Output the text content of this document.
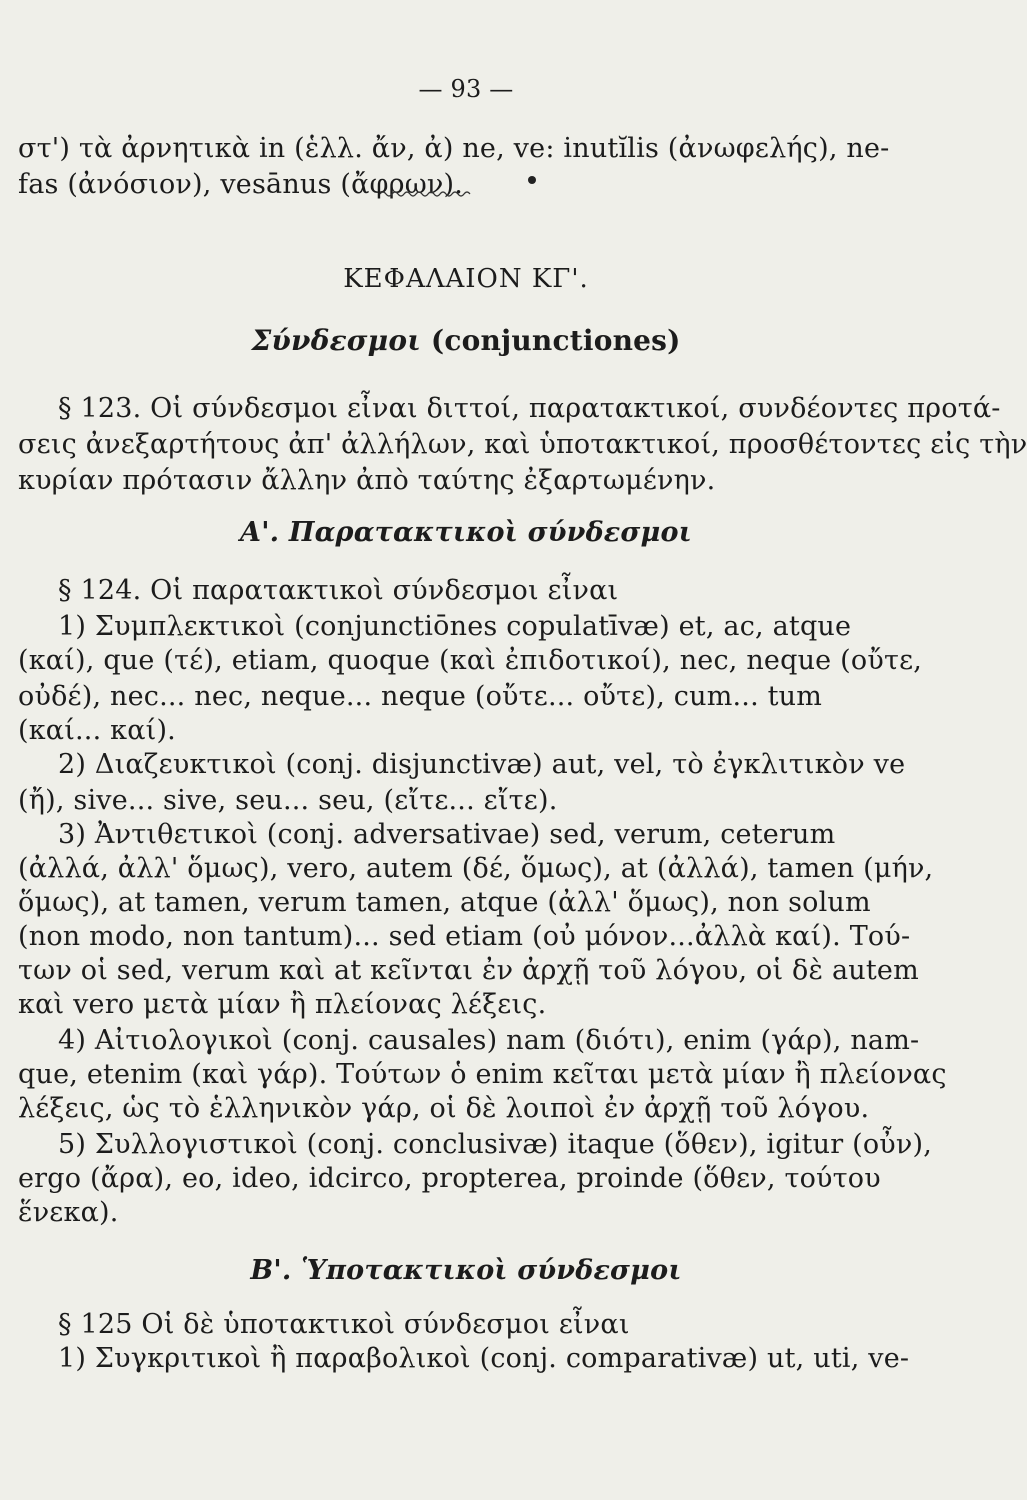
— 93 —
στ') τὰ ἀρνητικὰ in (ἑλλ. ἄν, ἀ) ne, ve: inutĭlis (ἀνωφελής), ne-
fas (ἀνόσιον), vesānus (ἄφρων).
ΚΕΦΑΛΑΙΟΝ ΚΓ'.
Σύνδεσμοι (conjunctiones)
§ 123. Οἱ σύνδεσμοι εἶναι διττοί, παρατακτικοί, συνδέοντες προτά-
σεις ἀνεξαρτήτους ἀπ' ἀλλήλων, καὶ ὑποτακτικοί, προσθέτοντες εἰς τὴν
κυρίαν πρότασιν ἄλλην ἀπὸ ταύτης ἐξαρτωμένην.
Α'. Παρατακτικοὶ σύνδεσμοι
§ 124. Οἱ παρατακτικοὶ σύνδεσμοι εἶναι
1) Συμπλεκτικοὶ (conjunctiōnes copulatīvæ) et, ac, atque
(καί), que (τέ), etiam, quoque (καὶ ἐπιδοτικοί), nec, neque (οὔτε,
οὐδέ), nec... nec, neque... neque (οὔτε... οὔτε), cum... tum
(καί... καί).
2) Διαζευκτικοὶ (conj. disjunctivæ) aut, vel, τὸ ἐγκλιτικὸν ve
(ἤ), sive... sive, seu... seu, (εἴτε... εἴτε).
3) Ἀντιθετικοὶ (conj. adversativae) sed, verum, ceterum
(ἀλλά, ἀλλ' ὅμως), vero, autem (δέ, ὅμως), at (ἀλλά), tamen (μήν,
ὅμως), at tamen, verum tamen, atque (ἀλλ' ὅμως), non solum
(non modo, non tantum)... sed etiam (οὐ μόνον...ἀλλὰ καί). Τού-
των οἱ sed, verum καὶ at κεῖνται ἐν ἀρχῇ τοῦ λόγου, οἱ δὲ autem
καὶ vero μετὰ μίαν ἢ πλείονας λέξεις.
4) Αἰτιολογικοὶ (conj. causales) nam (διότι), enim (γάρ), nam-
que, etenim (καὶ γάρ). Τούτων ὁ enim κεῖται μετὰ μίαν ἢ πλείονας
λέξεις, ὡς τὸ ἑλληνικὸν γάρ, οἱ δὲ λοιποὶ ἐν ἀρχῇ τοῦ λόγου.
5) Συλλογιστικοὶ (conj. conclusivæ) itaque (ὅθεν), igitur (οὖν),
ergo (ἄρα), eo, ideo, idcirco, propterea, proinde (ὅθεν, τούτου
ἕνεκα).
Β'. Ὑποτακτικοὶ σύνδεσμοι
§ 125 Οἱ δὲ ὑποτακτικοὶ σύνδεσμοι εἶναι
1) Συγκριτικοὶ ἢ παραβολικοὶ (conj. comparativæ) ut, uti, ve-
